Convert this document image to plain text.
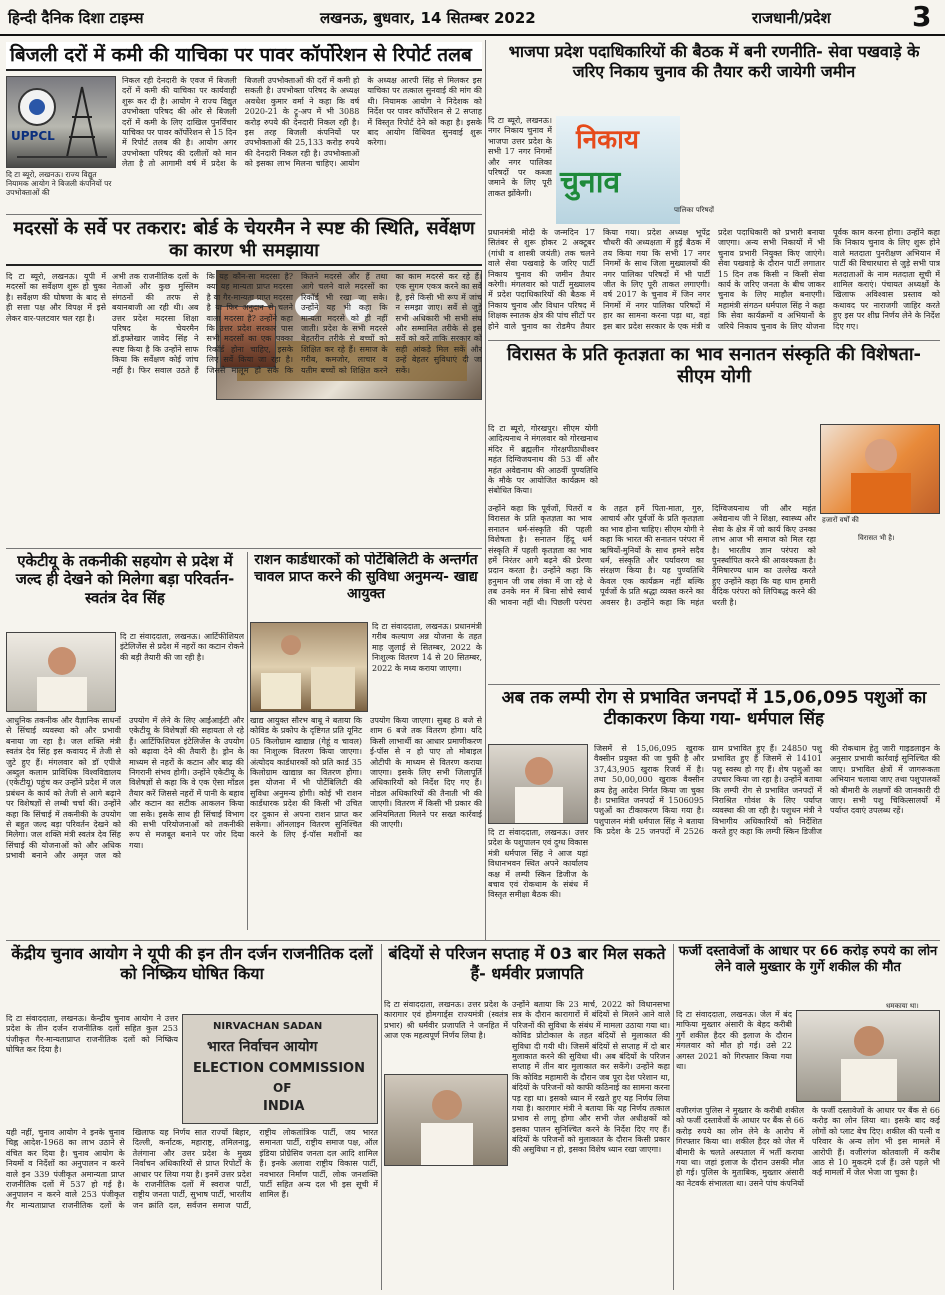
हिन्दी दैनिक दिशा टाइम्स	लखनऊ, बुधवार, 14 सितम्बर 2022	राजधानी/प्रदेश	3
बिजली दरों में कमी की याचिका पर पावर कॉर्पोरेशन से रिपोर्ट तलब
UPPCL
दि टा ब्यूरो, लखनऊ। राज्य विद्युत नियामक आयोग ने बिजली कंपनियों पर उपभोक्ताओं की
निकल रही देनदारी के एवज में बिजली दरों में कमी की याचिका पर कार्यवाही शुरू कर दी है। आयोग ने राज्य विद्युत उपभोक्ता परिषद की ओर से बिजली दरों में कमी के लिए दाखिल पुनर्विचार याचिका पर पावर कॉर्पोरेशन से 15 दिन में रिपोर्ट तलब की है। आयोग अगर उपभोक्ता परिषद की दलीलों को मान लेता है तो आगामी वर्ष में प्रदेश के बिजली उपभोक्ताओं की दरों में कमी हो सकती है। उपभोक्ता परिषद के अध्यक्ष अवधेश कुमार वर्मा ने कहा कि वर्ष 2020-21 के ट्रू-अप में भी 3088 करोड़ रुपये की देनदारी निकल रही है। इस तरह बिजली कंपनियों पर उपभोक्ताओं की 25,133 करोड़ रुपये की देनदारी निकल रही है। उपभोक्ताओं को इसका लाभ मिलना चाहिए। आयोग के अध्यक्ष आरपी सिंह से मिलकर इस याचिका पर तत्काल सुनवाई की मांग की थी। नियामक आयोग ने निदेशक को निर्देश पर पावर कॉर्पोरेशन से 2 सप्ताह में विस्तृत रिपोर्ट देने को कहा है। इसके बाद आयोग विधिवत सुनवाई शुरू करेगा।
मदरसों के सर्वे पर तकरार: बोर्ड के चेयरमैन ने स्पष्ट की स्थिति, सर्वेक्षण का कारण भी समझाया
दि टा ब्यूरो, लखनऊ। यूपी में मदरसों का सर्वेक्षण शुरू हो चुका है। सर्वेक्षण की घोषणा के बाद से ही सत्ता पक्ष और विपक्ष में इसे लेकर वार-पलटवार चल रहा है।
अभी तक राजनीतिक दलों के नेताओं और कुछ मुस्लिम संगठनों की तरफ से बयानबाजी आ रही थी। अब उत्तर प्रदेश मदरसा शिक्षा परिषद के चेयरमैन डॉ.इफ्तेखार जावेद सिंह ने स्पष्ट किया है कि उन्होंने साफ किया कि सर्वेक्षण कोई जांच नहीं है। फिर सवाल उठते हैं कि यह कौन-सा मदरसा है? क्या यह मान्यता प्राप्त मदरसा है या गैर-मान्यता प्राप्त मदरसा है या फिर अनुदान से चलने वाला मदरसा है? उन्होंने कहा कि उत्तर प्रदेश सरकार पास सभी मदरसों का एक पक्का रिकॉर्ड होना चाहिए, इसके लिए सर्वे किया जा रहा है। जिससे मालूम हो सके कि कितने मदरसे और हैं तथा आगे चलने वाले मदरसों का रिकॉर्ड भी रखा जा सके। उन्होंने यह भी कहा कि मान्यता मदरसे को ही नहीं जाती। प्रदेश के सभी मदरसे बेहतरीन तरीके से बच्चों को शिक्षित कर रहे हैं। समाज के गरीब, कमजोर, लाचार व यतीम बच्चों को शिक्षित करने का काम मदरसे कर रहे हैं। एक सुगम एकत्र करने का सर्वे है, इसे किसी भी रूप में जांच न समझा जाए। सर्वे से जुड़े सभी अधिकारी भी सभी संघ और सम्मानित तरीके से इस सर्वे को करें ताकि सरकार को सही आंकड़े मिल सकें और उन्हें बेहतर सुविधाएं दी जा सकें।
भाजपा प्रदेश पदाधिकारियों की बैठक में बनी रणनीति- सेवा पखवाड़े के जरिए निकाय चुनाव की तैयार करी जायेगी जमीन
निकाय
चुनाव
पालिका परिषदों
दि टा ब्यूरो, लखनऊ। नगर निकाय चुनाव में भाजपा उत्तर प्रदेश के सभी 17 नगर निगमों और नगर पालिका परिषदों पर कब्जा जमाने के लिए पूरी ताकत झोंकेगी।
प्रधानमंत्री मोदी के जन्मदिन 17 सितंबर से शुरू होकर 2 अक्टूबर (गांधी व शास्त्री जयंती) तक चलने वाले सेवा पखवाड़े के जरिए पार्टी निकाय चुनाव की जमीन तैयार करेगी। मंगलवार को पार्टी मुख्यालय में प्रदेश पदाधिकारियों की बैठक में निकाय चुनाव और विधान परिषद में शिक्षक स्नातक क्षेत्र की पांच सीटों पर होने वाले चुनाव का रोडमैप तैयार किया गया। प्रदेश अध्यक्ष भूपेंद्र चौधरी की अध्यक्षता में हुई बैठक में तय किया गया कि सभी 17 नगर निगमों के साथ जिला मुख्यालयों की नगर पालिका परिषदों में भी पार्टी जीत के लिए पूरी ताकत लगाएगी। वर्ष 2017 के चुनाव में जिन नगर निगमों में नगर पालिका परिषदों में हार का सामना करना पड़ा था, वहां इस बार प्रदेश सरकार के एक मंत्री व प्रदेश पदाधिकारी को प्रभारी बनाया जाएगा। अन्य सभी निकायों में भी चुनाव प्रभारी नियुक्त किए जाएंगे। सेवा पखवाड़े के दौरान पार्टी लगातार 15 दिन तक किसी न किसी सेवा कार्य के जरिए जनता के बीच जाकर चुनाव के लिए माहौल बनाएगी। महामंत्री संगठन धर्मपाल सिंह ने कहा कि सेवा कार्यक्रमों व अभियानों के जरिये निकाय चुनाव के लिए योजना पूर्वक काम करना होगा। उन्होंने कहा कि निकाय चुनाव के लिए शुरू होने वाले मतदाता पुनरीक्षण अभियान में पार्टी की विचारधारा से जुड़े सभी पात्र मतदाताओं के नाम मतदाता सूची में शामिल कराएं। पंचायत अध्यक्षों के खिलाफ अविश्वास प्रस्ताव को कथावद पर नाराजगी जाहिर करते हुए इस पर शीघ्र निर्णय लेने के निर्देश दिए गए।
विरासत के प्रति कृतज्ञता का भाव सनातन संस्कृति की विशेषता- सीएम योगी
हजारों वर्षों की
विरासत भी है।
दि टा ब्यूरो, गोरखपुर। सीएम योगी आदित्यनाथ ने मंगलवार को गोरखनाथ मंदिर में ब्रह्मलीन गोरक्षपीठाधीश्वर महंत दिग्विजयनाथ की 53 वीं और महंत अवेद्यनाथ की आठवीं पुण्यतिथि के मौके पर आयोजित कार्यक्रम को संबोधित किया।
उन्होंने कहा कि पूर्वजों, पितरों व विरासत के प्रति कृतज्ञता का भाव सनातन धर्म-संस्कृति की पहली विशेषता है। सनातन हिंदू धर्म संस्कृति में पहली कृतज्ञता का भाव हमें निरंतर आगे बढ़ने की प्रेरणा प्रदान करता है। उन्होंने कहा कि हनुमान जी जब लंका में जा रहे थे तब उनके मन में बिना सोचे स्वार्थ की भावना नहीं थी। पिछली परंपरा के तहत हमें पिता-माता, गुरु, आचार्य और पूर्वजों के प्रति कृतज्ञता का भाव होना चाहिए। सीएम योगी ने कहा कि भारत की सनातन परंपरा में ऋषियों-मुनियों के साथ हमने सदैव धर्म, संस्कृति और पर्यावरण का संरक्षण किया है। यह पुण्यतिथि केवल एक कार्यक्रम नहीं बल्कि पूर्वजों के प्रति श्रद्धा व्यक्त करने का अवसर है। उन्होंने कहा कि महंत दिग्विजयनाथ जी और महंत अवेद्यनाथ जी ने शिक्षा, स्वास्थ्य और सेवा के क्षेत्र में जो कार्य किए उनका लाभ आज भी समाज को मिल रहा है। भारतीय ज्ञान परंपरा को पुनर्स्थापित करने की आवश्यकता है। नैमिषारण्य धाम का उल्लेख करते हुए उन्होंने कहा कि यह धाम हमारी वैदिक परंपरा को लिपिबद्ध करने की धरती है।
एकेटीयू के तकनीकी सहयोग से प्रदेश में जल्द ही देखने को मिलेगा बड़ा परिवर्तन-स्वतंत्र देव सिंह
दि टा संवाददाता, लखनऊ। आर्टिफीशियल इंटेलिजेंस से प्रदेश में नहरों का कटान रोकने की बड़ी तैयारी की जा रही है।
आधुनिक तकनीक और वैज्ञानिक साधनों से सिंचाई व्यवस्था को और प्रभावी बनाया जा रहा है। जल शक्ति मंत्री स्वतंत्र देव सिंह इस कवायद में तेजी से जुटे हुए हैं। मंगलवार को डॉ एपीजे अब्दुल कलाम प्राविधिक विश्वविद्यालय (एकेटीयू) पहुंच कर उन्होंने प्रदेश में जल प्रबंधन के कार्य को तेजी से आगे बढ़ाने पर विशेषज्ञों से लम्बी चर्चा की। उन्होंने कहा कि सिंचाई में तकनीकी के उपयोग से बहुत जल्द बड़ा परिवर्तन देखने को मिलेगा। जल शक्ति मंत्री स्वतंत्र देव सिंह सिंचाई की योजनाओं को और अधिक प्रभावी बनाने और अमृत जल को उपयोग में लेने के लिए आईआईटी और एकेटीयू के विशेषज्ञों की सहायता ले रहे हैं। आर्टिफिशियल इंटेलिजेंस के उपयोग को बढ़ावा देने की तैयारी है। ड्रोन के माध्यम से नहरों के कटान और बाढ़ की निगरानी संभव होगी। उन्होंने एकेटीयू के विशेषज्ञों से कहा कि वे एक ऐसा मॉडल तैयार करें जिससे नहरों में पानी के बहाव और कटान का सटीक आकलन किया जा सके। इसके साथ ही सिंचाई विभाग की सभी परियोजनाओं को तकनीकी रूप से मजबूत बनाने पर जोर दिया गया।
राशन कार्डधारकों को पोर्टेबिलिटी के अन्तर्गत चावल प्राप्त करने की सुविधा अनुमन्य- खाद्य आयुक्त
दि टा संवाददाता, लखनऊ। प्रधानमंत्री गरीब कल्याण अन्न योजना के तहत माह जुलाई से सितम्बर, 2022 के निःशुल्क वितरण 14 से 20 सितम्बर, 2022 के मध्य कराया जाएगा।
खाद्य आयुक्त सौरभ बाबू ने बताया कि कोविड के प्रकोप के दृष्टिगत प्रति यूनिट 05 किलोग्राम खाद्यान्न (गेहूं व चावल) का निःशुल्क वितरण किया जाएगा। अंत्योदय कार्डधारकों को प्रति कार्ड 35 किलोग्राम खाद्यान्न का वितरण होगा। इस योजना में भी पोर्टेबिलिटी की सुविधा अनुमन्य होगी। कोई भी राशन कार्डधारक प्रदेश की किसी भी उचित दर दुकान से अपना राशन प्राप्त कर सकेगा। ऑनलाइन वितरण सुनिश्चित करने के लिए ई-पॉस मशीनों का उपयोग किया जाएगा। सुबह 8 बजे से शाम 6 बजे तक वितरण होगा। यदि किसी लाभार्थी का आधार प्रमाणीकरण ई-पॉस से न हो पाए तो मोबाइल ओटीपी के माध्यम से वितरण कराया जाएगा। इसके लिए सभी जिलापूर्ति अधिकारियों को निर्देश दिए गए हैं। नोडल अधिकारियों की तैनाती भी की जाएगी। वितरण में किसी भी प्रकार की अनियमितता मिलने पर सख्त कार्रवाई की जाएगी।
अब तक लम्पी रोग से प्रभावित जनपदों में 15,06,095 पशुओं का टीकाकरण किया गया- धर्मपाल सिंह
दि टा संवाददाता, लखनऊ। उत्तर प्रदेश के पशुपालन एवं दुग्ध विकास मंत्री धर्मपाल सिंह ने आज यहां विधानभवन स्थित अपने कार्यालय कक्ष में लम्पी स्किन डिजीज के बचाव एवं रोकथाम के संबंध में विस्तृत समीक्षा बैठक की।
जिसमें से 15,06,095 खुराक वैक्सीन प्रयुक्त की जा चुकी है और 37,43,905 खुराक रिजर्व में है। तथा 50,00,000 खुराक वैक्सीन क्रय हेतु आदेश निर्गत किया जा चुका है। प्रभावित जनपदों में 1506095 पशुओं का टीकाकरण किया गया है। पशुपालन मंत्री धर्मपाल सिंह ने बताया कि प्रदेश के 25 जनपदों में 2526 ग्राम प्रभावित हुए हैं। 24850 पशु प्रभावित हुए हैं जिसमें से 14101 पशु स्वस्थ हो गए हैं। शेष पशुओं का उपचार किया जा रहा है। उन्होंने बताया कि लम्पी रोग से प्रभावित जनपदों में निराश्रित गोवंश के लिए पर्याप्त व्यवस्था की जा रही है। पशुधन मंत्री ने विभागीय अधिकारियों को निर्देशित करते हुए कहा कि लम्पी स्किन डिजीज की रोकथाम हेतु जारी गाइडलाइन के अनुसार प्रभावी कार्रवाई सुनिश्चित की जाए। प्रभावित क्षेत्रों में जागरूकता अभियान चलाया जाए तथा पशुपालकों को बीमारी के लक्षणों की जानकारी दी जाए। सभी पशु चिकित्सालयों में पर्याप्त दवाएं उपलब्ध रहें।
केंद्रीय चुनाव आयोग ने यूपी की इन तीन दर्जन राजनीतिक दलों को निष्क्रिय घोषित किया
NIRVACHAN SADAN
भारत निर्वाचन आयोग
ELECTION COMMISSION
OF
INDIA
दि टा संवाददाता, लखनऊ। केन्द्रीय चुनाव आयोग ने उत्तर प्रदेश के तीन दर्जन राजनीतिक दलों सहित कुल 253 पंजीकृत गैर-मान्यताप्राप्त राजनीतिक दलों को निष्क्रिय घोषित कर दिया है।
यही नहीं, चुनाव आयोग ने इनके चुनाव चिह्न आदेश-1968 का लाभ उठाने से वंचित कर दिया है। चुनाव आयोग के नियमों व निर्देशों का अनुपालन न करने वाले इन 339 पंजीकृत अमान्यता प्राप्त राजनीतिक दलों में 537 हो गई है। अनुपालन न करने वाले 253 पंजीकृत गैर मान्यताप्राप्त राजनीतिक दलों के खिलाफ यह निर्णय सात राज्यों बिहार, दिल्ली, कर्नाटक, महाराष्ट्र, तमिलनाडु, तेलंगाना और उत्तर प्रदेश के मुख्य निर्वाचन अधिकारियों से प्राप्त रिपोर्टों के आधार पर लिया गया है। इनमें उत्तर प्रदेश के राजनीतिक दलों में स्वराज पार्टी, राष्ट्रीय जनता पार्टी, सुभाष पार्टी, भारतीय जन क्रांति दल, सर्वजन समाज पार्टी, राष्ट्रीय लोकतांत्रिक पार्टी, जय भारत समानता पार्टी, राष्ट्रीय समाज पक्ष, ऑल इंडिया प्रोग्रेसिव जनता दल आदि शामिल हैं। इनके अलावा राष्ट्रीय विकास पार्टी, नवभारत निर्माण पार्टी, लोक जनशक्ति पार्टी सहित अन्य दल भी इस सूची में शामिल हैं।
बंदियों से परिजन सप्ताह में 03 बार मिल सकते हैं- धर्मवीर प्रजापति
दि टा संवाददाता, लखनऊ। उत्तर प्रदेश के कारागार एवं होमगार्ड्स राज्यमंत्री (स्वतंत्र प्रभार) श्री धर्मवीर प्रजापति ने जनहित में आज एक महत्वपूर्ण निर्णय लिया है।
उन्होंने बताया कि 23 मार्च, 2022 को विधानसभा सत्र के दौरान कारागारों में बंदियों से मिलने आने वाले परिजनों की सुविधा के संबंध में मामला उठाया गया था। कोविड प्रोटोकाल के तहत बंदियों से मुलाकात की सुविधा दी गयी थी। जिसमें बंदियों से सप्ताह में दो बार मुलाकात करने की सुविधा थी। अब बंदियों के परिजन सप्ताह में तीन बार मुलाकात कर सकेंगे। उन्होंने कहा कि कोविड महामारी के दौरान जब पूरा देश परेशान था, बंदियों के परिजनों को काफी कठिनाई का सामना करना पड़ रहा था। इसको ध्यान में रखते हुए यह निर्णय लिया गया है। कारागार मंत्री ने बताया कि यह निर्णय तत्काल प्रभाव से लागू होगा और सभी जेल अधीक्षकों को इसका पालन सुनिश्चित करने के निर्देश दिए गए हैं। बंदियों के परिजनों को मुलाकात के दौरान किसी प्रकार की असुविधा न हो, इसका विशेष ध्यान रखा जाएगा।
फर्जी दस्तावेजों के आधार पर 66 करोड़ रुपये का लोन लेने वाले मुख्तार के गुर्गे शकील की मौत
धमकाया था।
दि टा संवाददाता, लखनऊ। जेल में बंद माफिया मुख्तार अंसारी के बेहद करीबी गुर्गे शकील हैदर की इलाज के दौरान मंगलवार को मौत हो गई। उसे 22 अगस्त 2021 को गिरफ्तार किया गया था।
वजीरगंज पुलिस ने मुख्तार के करीबी शकील को फर्जी दस्तावेजों के आधार पर बैंक से 66 करोड़ रुपये का लोन लेने के आरोप में गिरफ्तार किया था। शकील हैदर को जेल में बीमारी के चलते अस्पताल में भर्ती कराया गया था। जहां इलाज के दौरान उसकी मौत हो गई। पुलिस के मुताबिक, मुख्तार अंसारी का नेटवर्क संभालता था। उसने पांच कंपनियों के फर्जी दस्तावेजों के आधार पर बैंक से 66 करोड़ का लोन लिया था। इसके बाद कई लोगों को प्लाट बेच दिए। शकील की पत्नी व परिवार के अन्य लोग भी इस मामले में आरोपी हैं। वजीरगंज कोतवाली में करीब आठ से 10 मुकदमे दर्ज हैं। उसे पहले भी कई मामलों में जेल भेजा जा चुका है।
